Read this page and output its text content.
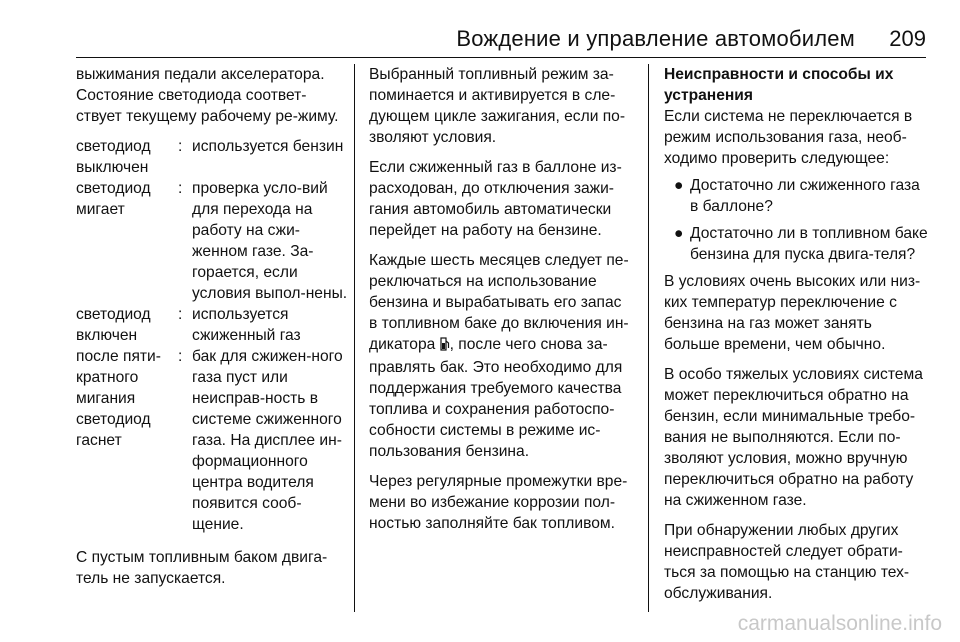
Вождение и управление автомобилем 209

выжимания педали акселератора. Состояние светодиода соответ-ствует текущему рабочему ре-жиму.

светодиод выключен
: используется бензин
светодиод мигает
: проверка усло-вий для перехода на работу на сжи-женном газе. За-горается, если условия выпол-нены.
светодиод включен
: используется сжиженный газ
после пяти-кратного мигания светодиод гаснет
: бак для сжижен-ного газа пуст или неисправ-ность в системе сжиженного газа. На дисплее ин-формационного центра водителя появится сооб-щение.

С пустым топливным баком двига-тель не запускается.

Выбранный топливный режим за-поминается и активируется в сле-дующем цикле зажигания, если по-зволяют условия.

Если сжиженный газ в баллоне из-расходован, до отключения зажи-гания автомобиль автоматически перейдет на работу на бензине.

Каждые шесть месяцев следует пе-реключаться на использование бензина и вырабатывать его запас в топливном баке до включения ин-дикатора , после чего снова за-правлять бак. Это необходимо для поддержания требуемого качества топлива и сохранения работоспо-собности системы в режиме ис-пользования бензина.

Через регулярные промежутки вре-мени во избежание коррозии пол-ностью заполняйте бак топливом.

Неисправности и способы их устранения

Если система не переключается в режим использования газа, необ-ходимо проверить следующее:

● Достаточно ли сжиженного газа в баллоне?
● Достаточно ли в топливном баке бензина для пуска двига-теля?

В условиях очень высоких или низ-ких температур переключение с бензина на газ может занять больше времени, чем обычно.

В особо тяжелых условиях система может переключиться обратно на бензин, если минимальные требо-вания не выполняются. Если по-зволяют условия, можно вручную переключиться обратно на работу на сжиженном газе.

При обнаружении любых других неисправностей следует обрати-ться за помощью на станцию тех-обслуживания.

carmanualsonline.info
